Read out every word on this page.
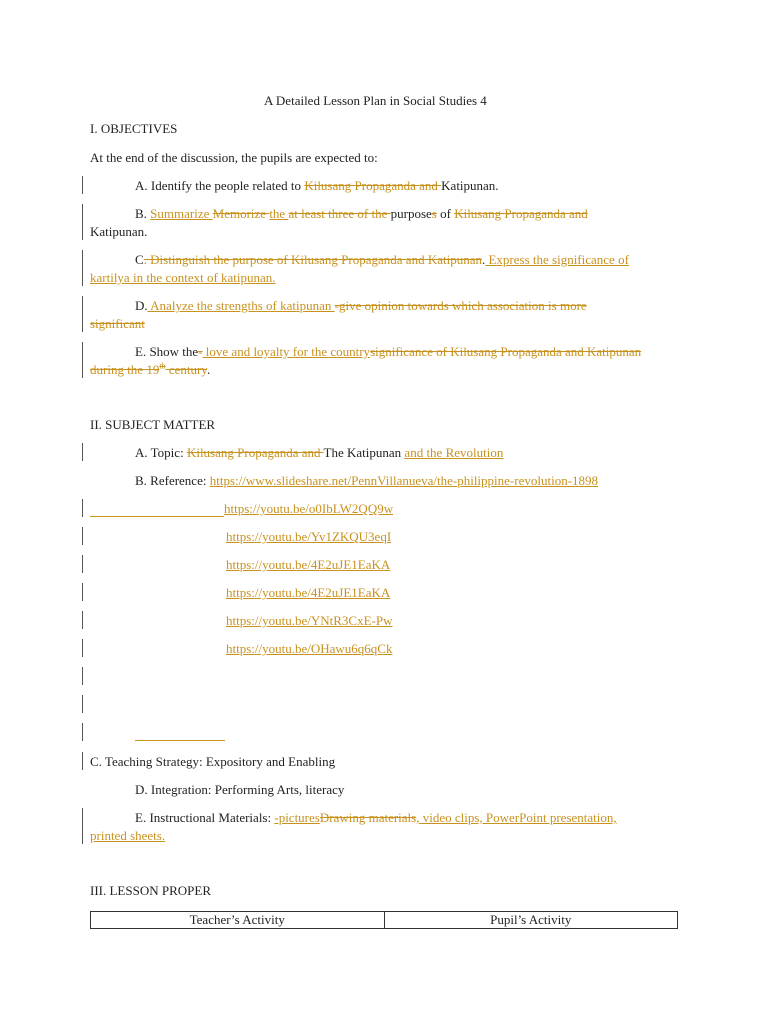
A Detailed Lesson Plan in Social Studies 4
I. OBJECTIVES
At the end of the discussion, the pupils are expected to:
A. Identify the people related to Kilusang Propaganda and Katipunan.
B. Summarize Memorize the at least three of the purposes of Kilusang Propaganda and
Katipunan.
C. Distinguish the purpose of Kilusang Propaganda and Katipunan. Express the significance of
kartilya in the context of katipunan.
D. Analyze the strengths of katipunan -give opinion towards which association is more
significant
E. Show the- love and loyalty for the countrysignificance of Kilusang Propaganda and Katipunan
during the 19th century.
II. SUBJECT MATTER
A. Topic: Kilusang Propaganda and The Katipunan and the Revolution
B. Reference: https://www.slideshare.net/PennVillanueva/the-philippine-revolution-1898
https://youtu.be/o0IbLW2QQ9w
https://youtu.be/Yv1ZKQU3eqI
https://youtu.be/4E2uJE1EaKA
https://youtu.be/4E2uJE1EaKA
https://youtu.be/YNtR3CxE-Pw
https://youtu.be/OHawu6q6qCk
C. Teaching Strategy: Expository and Enabling
D. Integration: Performing Arts, literacy
E. Instructional Materials: -picturesDrawing materials, video clips, PowerPoint presentation,
printed sheets.
III. LESSON PROPER
Teacher’s Activity	Pupil’s Activity
